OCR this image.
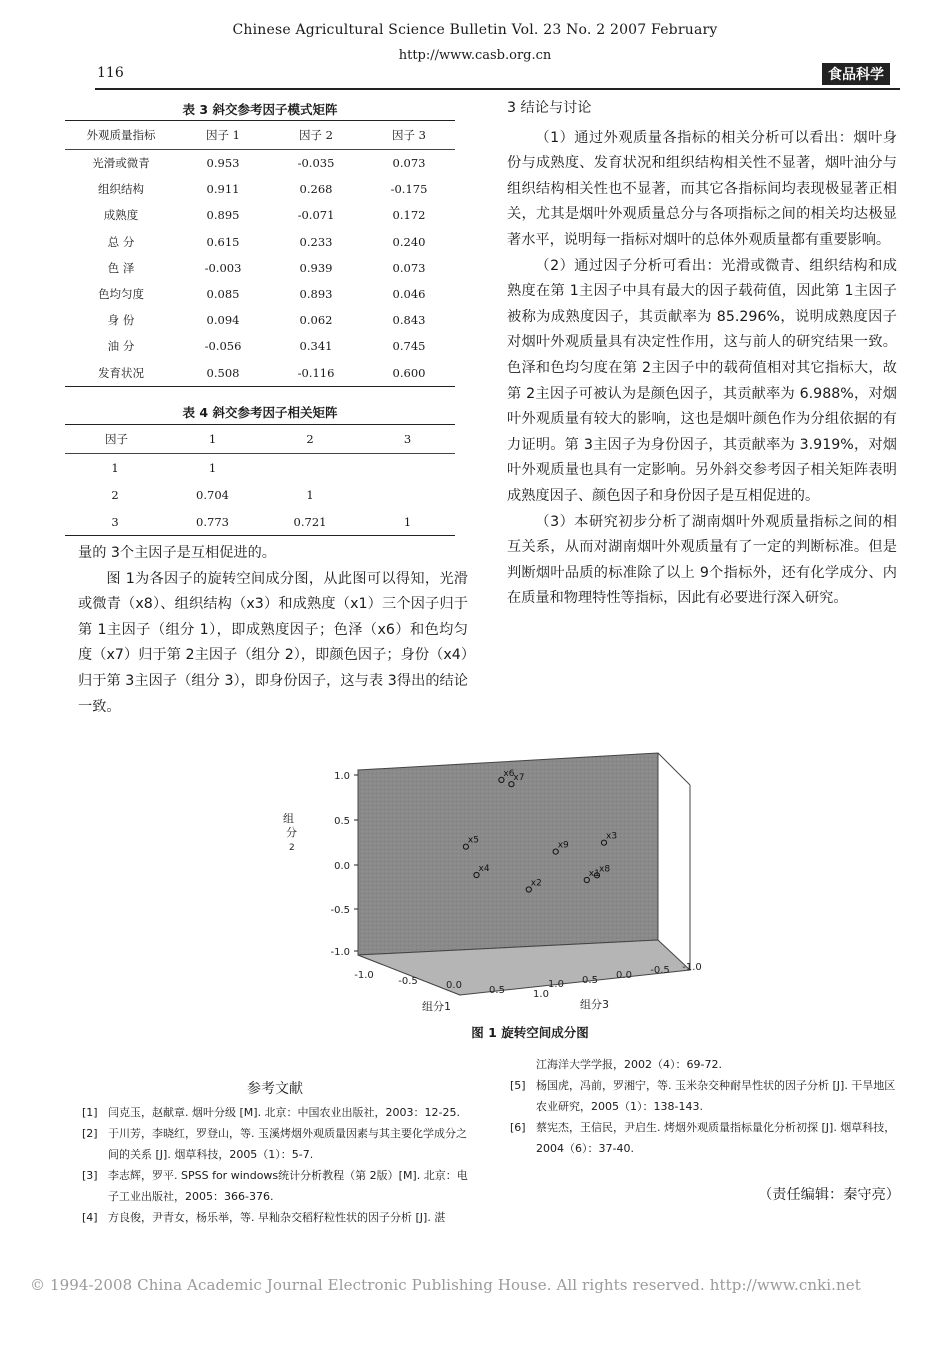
Chinese Agricultural Science Bulletin Vol. 23 No. 2 2007 February
http://www.casb.org.cn
116	食品科学
表 3 斜交参考因子模式矩阵
外观质量指标	因子 1	因子 2	因子 3
光滑或微青	0.953	-0.035	0.073
组织结构	0.911	0.268	-0.175
成熟度	0.895	-0.071	0.172
总 分	0.615	0.233	0.240
色 泽	-0.003	0.939	0.073
色均匀度	0.085	0.893	0.046
身 份	0.094	0.062	0.843
油 分	-0.056	0.341	0.745
发育状况	0.508	-0.116	0.600
表 4 斜交参考因子相关矩阵
因子	1	2	3
1	1		
2	0.704	1	
3	0.773	0.721	1

量的 3个主因子是互相促进的。

图 1为各因子的旋转空间成分图，从此图可以得知，光滑或微青（x8）、组织结构（x3）和成熟度（x1）三个因子归于第 1主因子（组分 1），即成熟度因子；色泽（x6）和色均匀度（x7）归于第 2主因子（组分 2），即颜色因子；身份（x4）归于第 3主因子（组分 3），即身份因子，这与表 3得出的结论一致。

3 结论与讨论

（1）通过外观质量各指标的相关分析可以看出：烟叶身份与成熟度、发育状况和组织结构相关性不显著，烟叶油分与组织结构相关性也不显著，而其它各指标间均表现极显著正相关，尤其是烟叶外观质量总分与各项指标之间的相关均达极显著水平，说明每一指标对烟叶的总体外观质量都有重要影响。

（2）通过因子分析可看出：光滑或微青、组织结构和成熟度在第 1主因子中具有最大的因子载荷值，因此第 1主因子被称为成熟度因子，其贡献率为 85.296%，说明成熟度因子对烟叶外观质量具有决定性作用，这与前人的研究结果一致。色泽和色均匀度在第 2主因子中的载荷值相对其它指标大，故第 2主因子可被认为是颜色因子，其贡献率为 6.988%，对烟叶外观质量有较大的影响，这也是烟叶颜色作为分组依据的有力证明。第 3主因子为身份因子，其贡献率为 3.919%，对烟叶外观质量也具有一定影响。另外斜交参考因子相关矩阵表明成熟度因子、颜色因子和身份因子是互相促进的。

（3）本研究初步分析了湖南烟叶外观质量指标之间的相互关系，从而对湖南烟叶外观质量有了一定的判断标准。但是判断烟叶品质的标准除了以上 9个指标外，还有化学成分、内在质量和物理特性等指标，因此有必要进行深入研究。

1.0
0.5
0.0
-0.5
-1.0
-1.0
-0.5	0.0	0.5	1.0
-1.0
-0.5
0.0
0.5
1.0
组
分
2
组分1	组分3
x1
x2
x3
x4
x5
x6
x7
x8
x9
图 1 旋转空间成分图
参考文献
[1] 闫克玉，赵献章. 烟叶分级 [M]. 北京：中国农业出版社，2003：12-25.
[2] 于川芳，李晓红，罗登山，等. 玉溪烤烟外观质量因素与其主要化学成分之间的关系 [J]. 烟草科技，2005（1）：5-7.
[3] 李志辉，罗平. SPSS for windows统计分析教程（第 2版）[M]. 北京：电子工业出版社，2005：366-376.
[4] 方良俊，尹青女，杨乐举，等. 早籼杂交稻籽粒性状的因子分析 [J]. 湛
江海洋大学学报，2002（4）：69-72.
[5] 杨国虎，冯前，罗湘宁，等. 玉米杂交种耐旱性状的因子分析 [J]. 干旱地区农业研究，2005（1）：138-143.
[6] 蔡宪杰，王信民，尹启生. 烤烟外观质量指标量化分析初探 [J]. 烟草科技，2004（6）：37-40.
（责任编辑：秦守亮）
© 1994-2008 China Academic Journal Electronic Publishing House. All rights reserved. http://www.cnki.net
